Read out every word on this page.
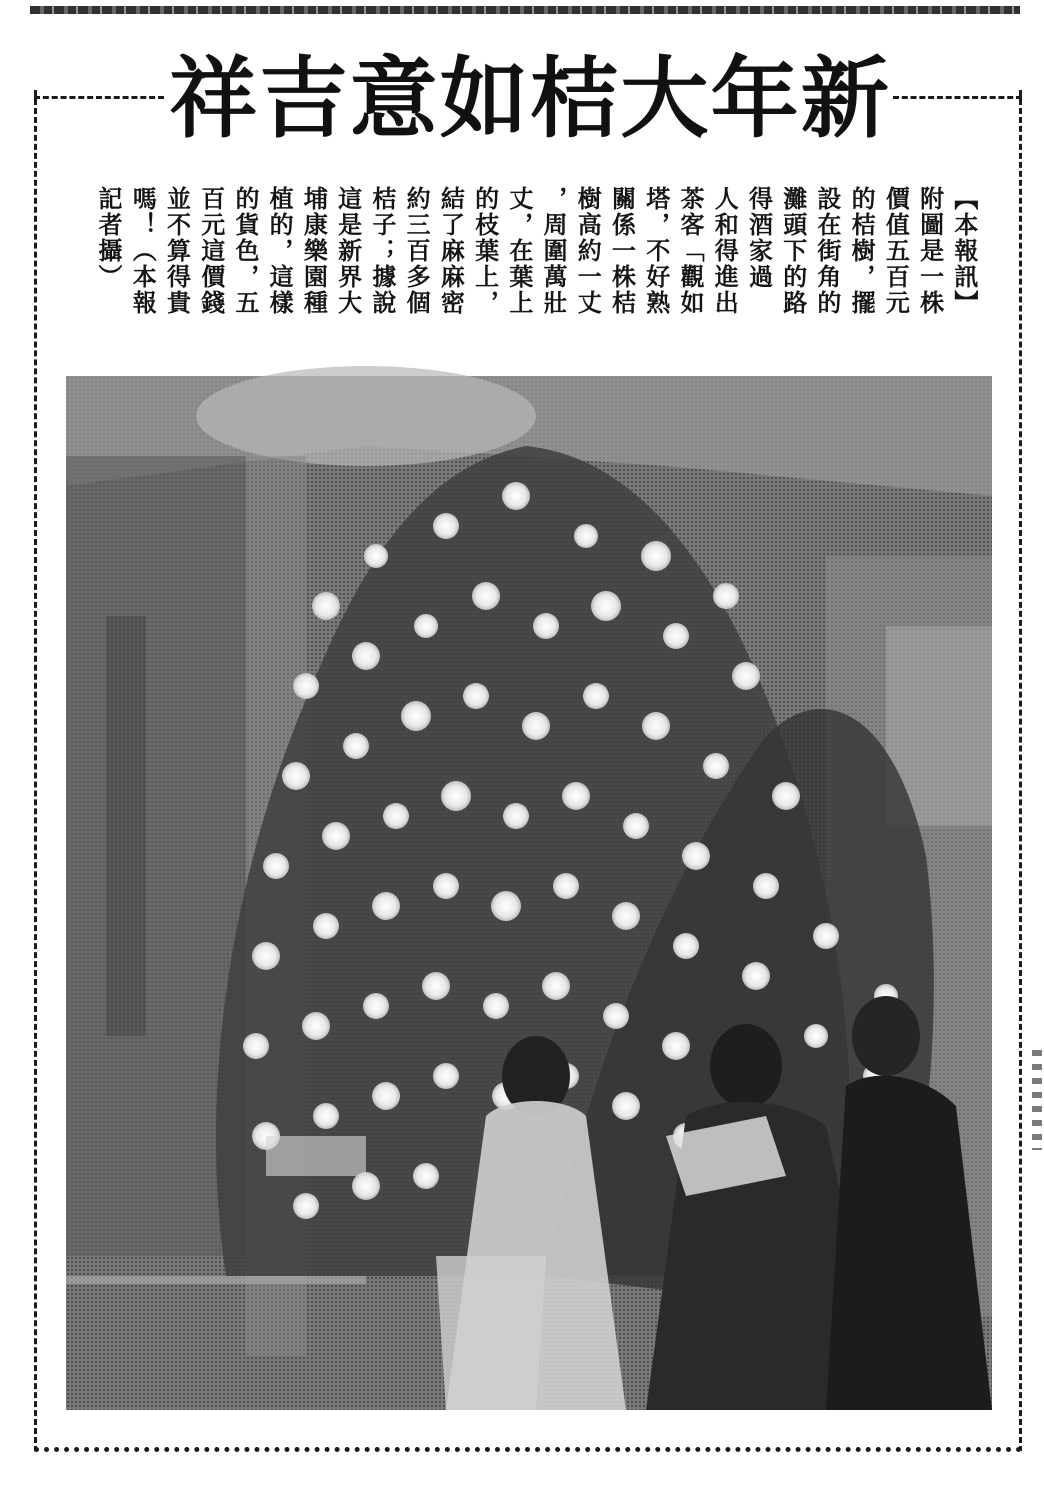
新
年
大
桔
如
意
吉
祥
【本報訊】
附圖是一株
價值五百元
的桔樹，擺
設在街角的
灘頭下的路
得酒家過
人和得進出
茶客「觀如
塔，不好熟
關係一株桔
樹高約一丈
，周圍萬壯
丈，在葉上
的枝葉上，
結了麻麻密
約三百多個
桔子；據說
這是新界大
埔康樂園種
植的，這樣
的貨色，五
百元這價錢
並不算得貴
嗎！（本報
記者攝）
